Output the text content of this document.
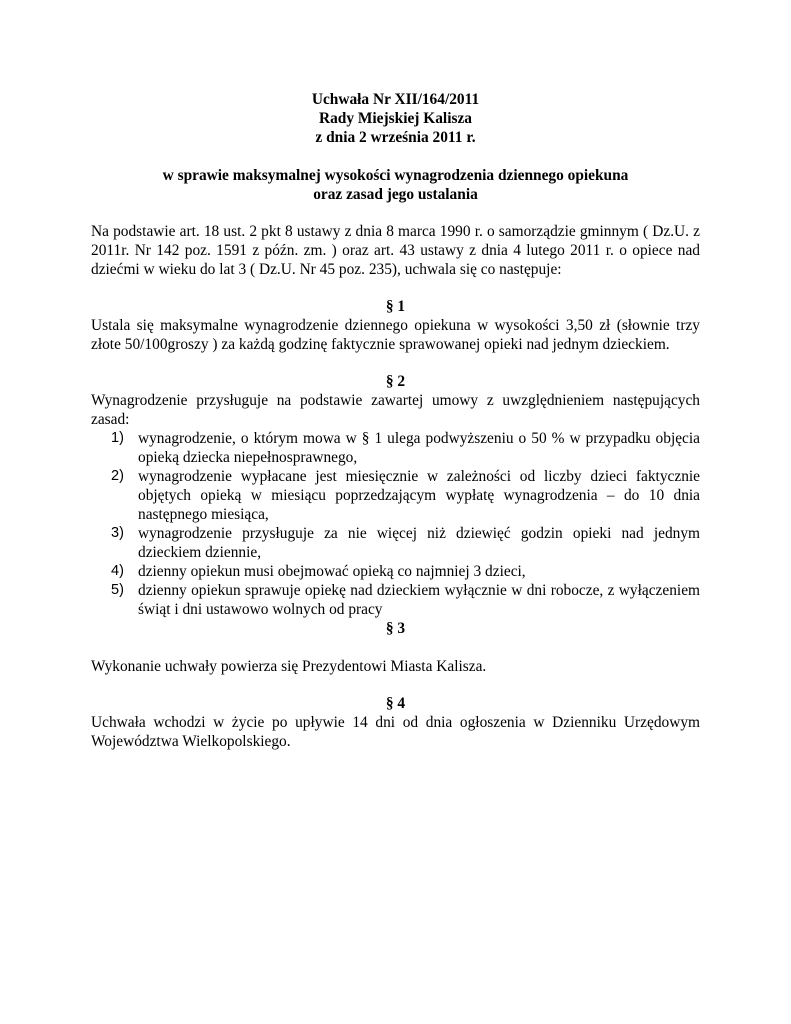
Uchwała Nr XII/164/2011
Rady Miejskiej Kalisza
z dnia 2 września 2011 r.
w sprawie maksymalnej wysokości wynagrodzenia dziennego opiekuna
oraz zasad jego ustalania

Na podstawie art. 18 ust. 2 pkt 8 ustawy z dnia 8 marca 1990 r. o samorządzie gminnym ( Dz.U. z 2011r. Nr 142 poz. 1591 z późn. zm. ) oraz art. 43 ustawy z dnia 4 lutego 2011 r. o opiece nad dziećmi w wieku do lat 3 ( Dz.U. Nr 45 poz. 235), uchwala się co następuje:

§ 1

Ustala się maksymalne wynagrodzenie dziennego opiekuna w wysokości 3,50 zł (słownie trzy złote 50/100groszy ) za każdą godzinę faktycznie sprawowanej opieki nad jednym dzieckiem.

§ 2

Wynagrodzenie przysługuje na podstawie zawartej umowy z uwzględnieniem następujących zasad:

1) wynagrodzenie, o którym mowa w § 1 ulega podwyższeniu o 50 % w przypadku objęcia opieką dziecka niepełnosprawnego,
2) wynagrodzenie wypłacane jest miesięcznie w zależności od liczby dzieci faktycznie objętych opieką w miesiącu poprzedzającym wypłatę wynagrodzenia – do 10 dnia następnego miesiąca,
3) wynagrodzenie przysługuje za nie więcej niż dziewięć godzin opieki nad jednym dzieckiem dziennie,
4) dzienny opiekun musi obejmować opieką co najmniej 3 dzieci,
5) dzienny opiekun sprawuje opiekę nad dzieckiem wyłącznie w dni robocze, z wyłączeniem świąt i dni ustawowo wolnych od pracy
§ 3

Wykonanie uchwały powierza się Prezydentowi Miasta Kalisza.

§ 4

Uchwała wchodzi w życie po upływie 14 dni od dnia ogłoszenia w Dzienniku Urzędowym Województwa Wielkopolskiego.
